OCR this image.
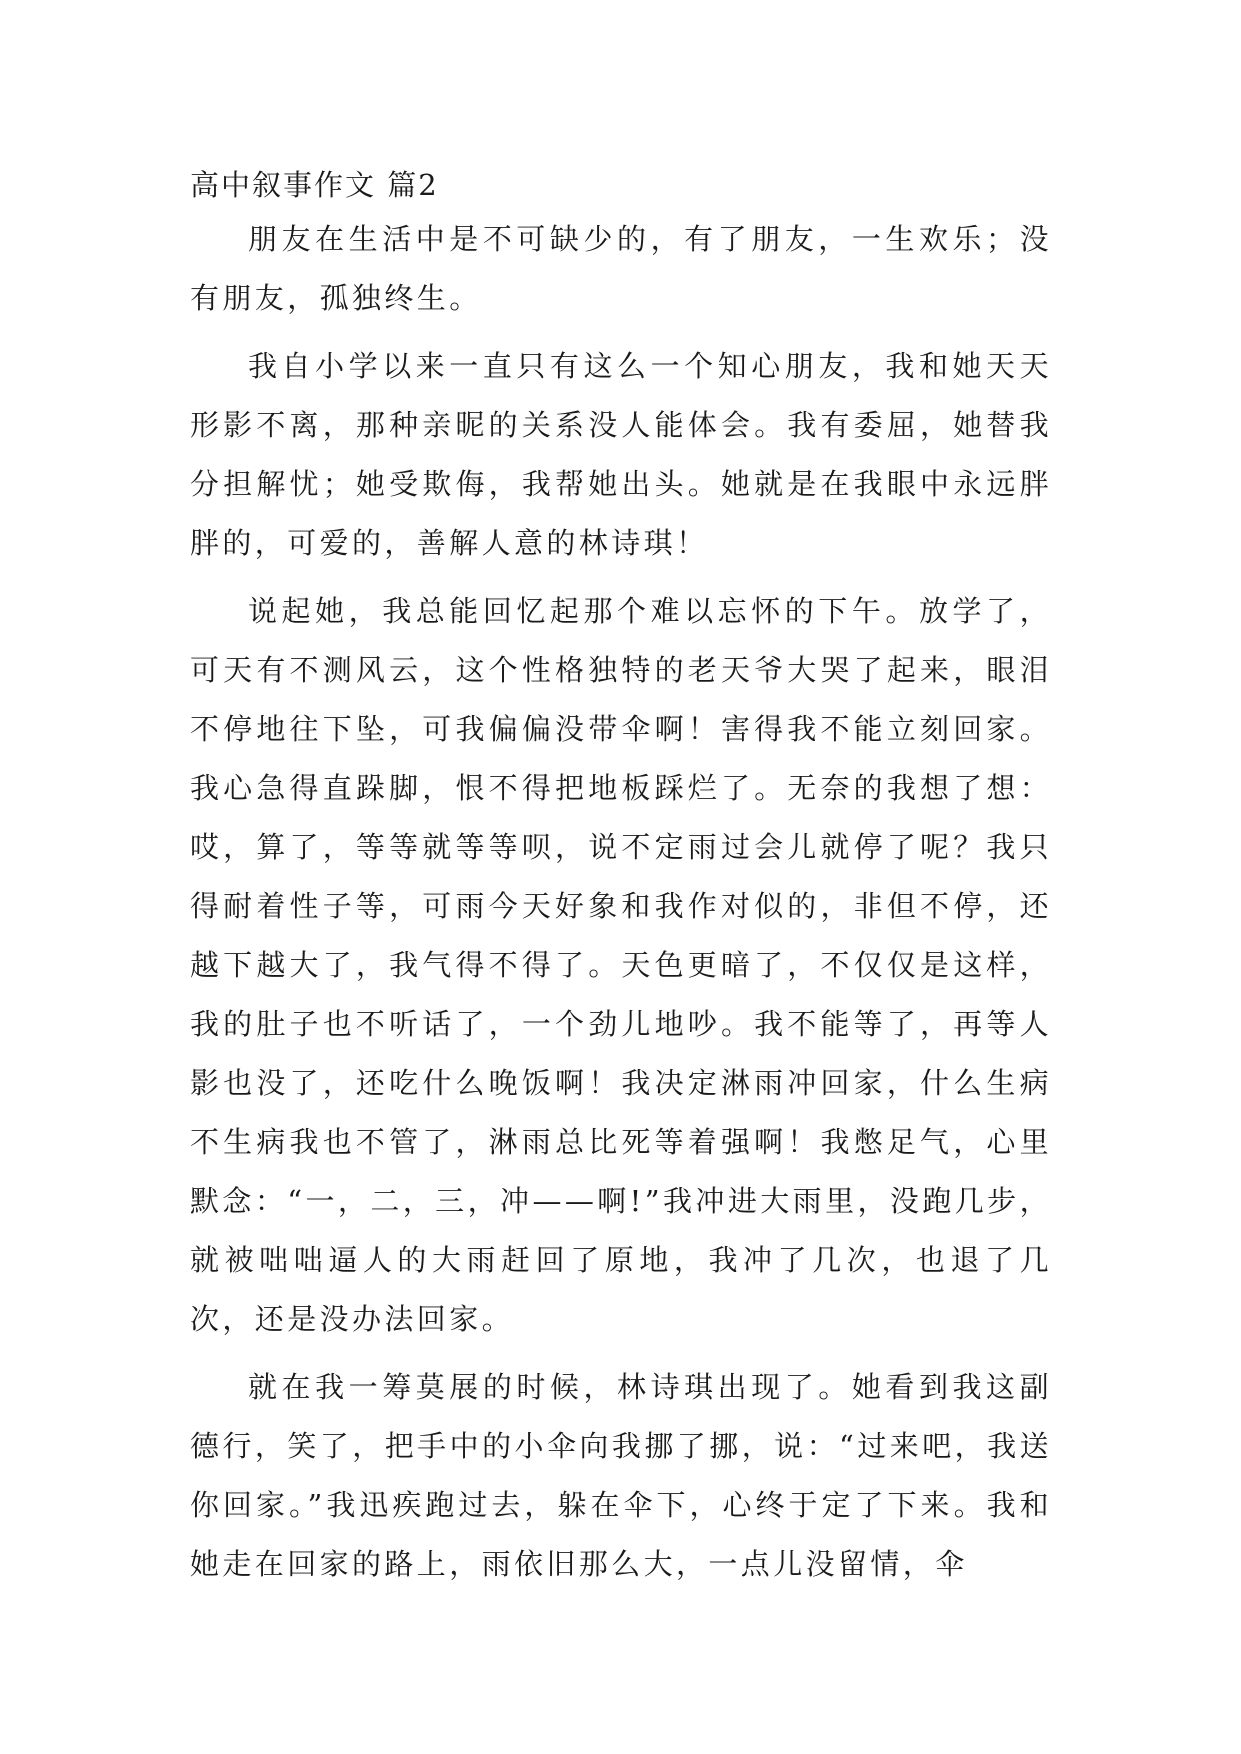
高中叙事作文 篇2

朋友在生活中是不可缺少的，有了朋友，一生欢乐；没有朋友，孤独终生。

我自小学以来一直只有这么一个知心朋友，我和她天天形影不离，那种亲昵的关系没人能体会。我有委屈，她替我分担解忧；她受欺侮，我帮她出头。她就是在我眼中永远胖胖的，可爱的，善解人意的林诗琪！

说起她，我总能回忆起那个难以忘怀的下午。放学了，可天有不测风云，这个性格独特的老天爷大哭了起来，眼泪不停地往下坠，可我偏偏没带伞啊！害得我不能立刻回家。我心急得直跺脚，恨不得把地板踩烂了。无奈的我想了想：哎，算了，等等就等等呗，说不定雨过会儿就停了呢？我只得耐着性子等，可雨今天好象和我作对似的，非但不停，还越下越大了，我气得不得了。天色更暗了，不仅仅是这样，我的肚子也不听话了，一个劲儿地吵。我不能等了，再等人影也没了，还吃什么晚饭啊！我决定淋雨冲回家，什么生病不生病我也不管了，淋雨总比死等着强啊！我憋足气，心里默念：“一，二，三，冲——啊!”我冲进大雨里，没跑几步，就被咄咄逼人的大雨赶回了原地，我冲了几次，也退了几次，还是没办法回家。

就在我一筹莫展的时候，林诗琪出现了。她看到我这副德行，笑了，把手中的小伞向我挪了挪，说：“过来吧，我送你回家。”我迅疾跑过去，躲在伞下，心终于定了下来。我和她走在回家的路上，雨依旧那么大，一点儿没留情，伞
